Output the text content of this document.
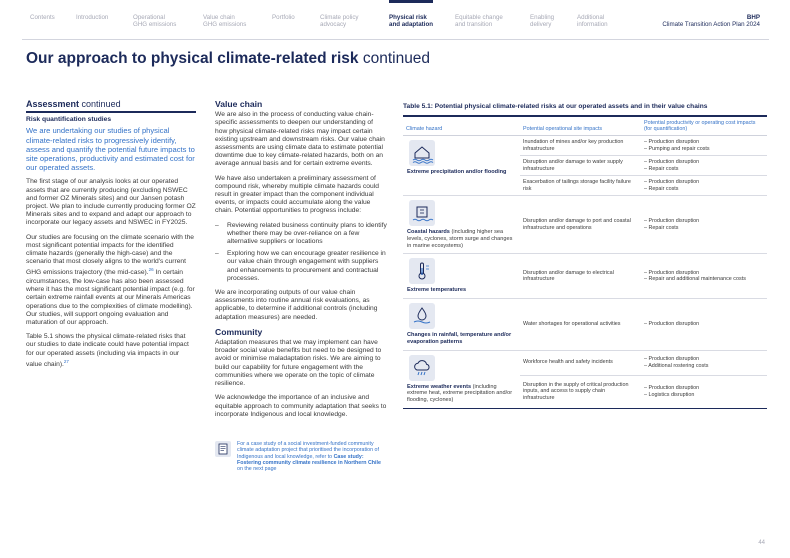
Contents	Introduction	Operational
GHG emissions
Value chain
GHG emissions
Portfolio	Climate policy
advocacy
Physical risk
and adaptation
Equitable change
and transition
Enabling
delivery
Additional
information
BHP
Climate Transition Action Plan 2024
Our approach to physical climate-related risk continued
Assessment continued
Risk quantification studies
We are undertaking our studies of physical climate-related risks to progressively identify, assess and quantify the potential future impacts to site operations, productivity and estimated cost for our operated assets.

The first stage of our analysis looks at our operated assets that are currently producing (excluding NSWEC and former OZ Minerals sites) and our Jansen potash project. We plan to include currently producing former OZ Minerals sites and to expand and adapt our approach to incorporate our legacy assets and NSWEC in FY2025.

Our studies are focusing on the climate scenario with the most significant potential impacts for the identified climate hazards (generally the high-case) and the scenario that most closely aligns to the world's current GHG emissions trajectory (the mid-case).$^{26}$ In certain circumstances, the low-case has also been assessed where it has the most significant potential impact (e.g. for certain extreme rainfall events at our Minerals Americas operations due to the complexities of climate modelling). Our studies, will support ongoing evaluation and maturation of our approach.

Table 5.1 shows the physical climate-related risks that our studies to date indicate could have potential impact for our operated assets (including via impacts in our value chain).$^{27}$

Value chain

We are also in the process of conducting value chain-specific assessments to deepen our understanding of how physical climate-related risks may impact certain existing upstream and downstream risks. Our value chain assessments are using climate data to estimate potential downtime due to key climate-related hazards, both on an average annual basis and for certain extreme events.

We have also undertaken a preliminary assessment of compound risk, whereby multiple climate hazards could result in greater impact than the component individual events, or impacts could accumulate along the value chain. Potential opportunities to progress include:

– Reviewing related business continuity plans to identify whether there may be over-reliance on a few alternative suppliers or locations
– Exploring how we can encourage greater resilience in our value chain through engagement with suppliers and enhancements to procurement and contractual processes.

We are incorporating outputs of our value chain assessments into routine annual risk evaluations, as applicable, to determine if additional controls (including adaptation measures) are needed.

Community

Adaptation measures that we may implement can have broader social value benefits but need to be designed to avoid or minimise maladaptation risks. We are aiming to build our capability for future engagement with the communities where we operate on the topic of climate resilience.

We acknowledge the importance of an inclusive and equitable approach to community adaptation that seeks to incorporate Indigenous and local knowledge.

For a case study of a social investment-funded community climate adaptation project that prioritised the incorporation of Indigenous and local knowledge, refer to Case study: Fostering community climate resilience in Northern Chile on the next page
Table 5.1: Potential physical climate-related risks at our operated assets and in their value chains
Climate hazard	Potential operational site impacts	Potential productivity or operating cost impacts (for quantification)

Extreme precipitation and/or flooding	Inundation of mines and/or key production infrastructure	– Production disruption
– Pumping and repair costs

	Disruption and/or damage to water supply infrastructure	– Production disruption
– Repair costs

	Exacerbation of tailings storage facility failure risk	– Production disruption
– Repair costs

Coastal hazards (including higher sea levels, cyclones, storm surge and changes in marine ecosystems)	Disruption and/or damage to port and coastal infrastructure and operations	– Production disruption
– Repair costs

Extreme temperatures	Disruption and/or damage to electrical infrastructure	– Production disruption
– Repair and additional maintenance costs

Changes in rainfall, temperature and/or evaporation patterns	Water shortages for operational activities	– Production disruption

Extreme weather events (including extreme heat, extreme precipitation and/or flooding, cyclones)	Workforce health and safety incidents	– Production disruption
– Additional rostering costs

	Disruption in the supply of critical production inputs, and access to supply chain infrastructure	– Production disruption
– Logistics disruption
44
